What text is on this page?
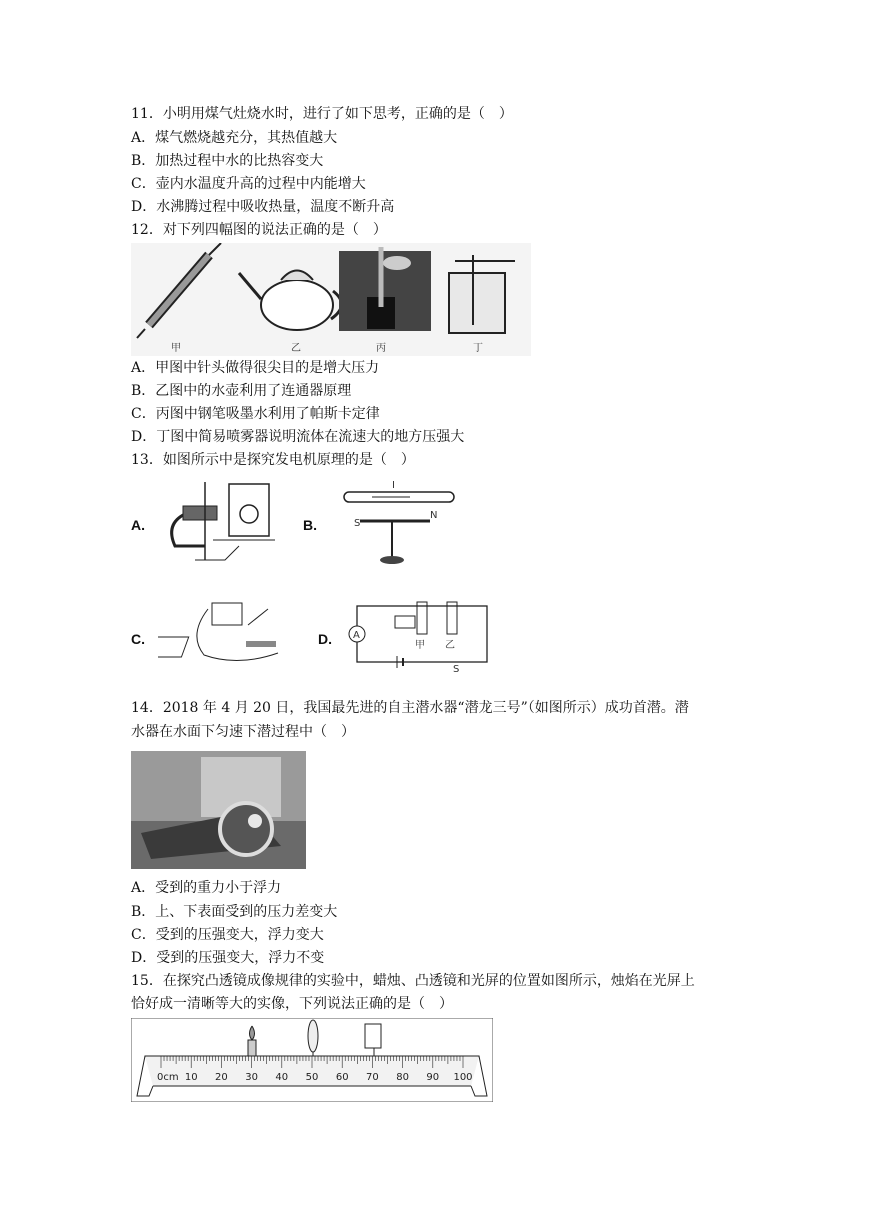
11．小明用煤气灶烧水时，进行了如下思考，正确的是（　）
A．煤气燃烧越充分，其热值越大
B．加热过程中水的比热容变大
C．壶内水温度升高的过程中内能增大
D．水沸腾过程中吸收热量，温度不断升高
12．对下列四幅图的说法正确的是（　）
甲	乙	丙	丁
A．甲图中针头做得很尖目的是增大压力
B．乙图中的水壶利用了连通器原理
C．丙图中钢笔吸墨水利用了帕斯卡定律
D．丁图中简易喷雾器说明流体在流速大的地方压强大
13．如图所示中是探究发电机原理的是（　）
A.	B.
I
S
N
C.	D. A
甲 乙
S
14．2018 年 4 月 20 日，我国最先进的自主潜水器“潜龙三号”（如图所示）成功首潜。潜
水器在水面下匀速下潜过程中（　）
A．受到的重力小于浮力
B．上、下表面受到的压力差变大
C．受到的压强变大，浮力变大
D．受到的压强变大，浮力不变
15．在探究凸透镜成像规律的实验中，蜡烛、凸透镜和光屏的位置如图所示，烛焰在光屏上
恰好成一清晰等大的实像，下列说法正确的是（　）
0cm 10 20 30 40 50 60 70 80 90 100
